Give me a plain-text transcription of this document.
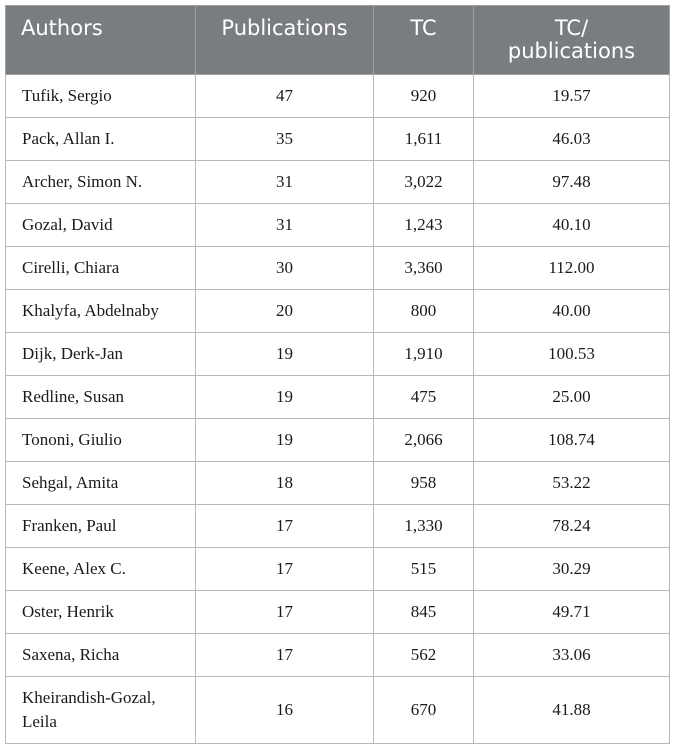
Authors	Publications	TC	TC/
publications

Tufik, Sergio	47	920	19.57
Pack, Allan I.	35	1,611	46.03
Archer, Simon N.	31	3,022	97.48
Gozal, David	31	1,243	40.10
Cirelli, Chiara	30	3,360	112.00
Khalyfa, Abdelnaby	20	800	40.00
Dijk, Derk-Jan	19	1,910	100.53
Redline, Susan	19	475	25.00
Tononi, Giulio	19	2,066	108.74
Sehgal, Amita	18	958	53.22
Franken, Paul	17	1,330	78.24
Keene, Alex C.	17	515	30.29
Oster, Henrik	17	845	49.71
Saxena, Richa	17	562	33.06
Kheirandish-Gozal,
Leila	16	670	41.88
